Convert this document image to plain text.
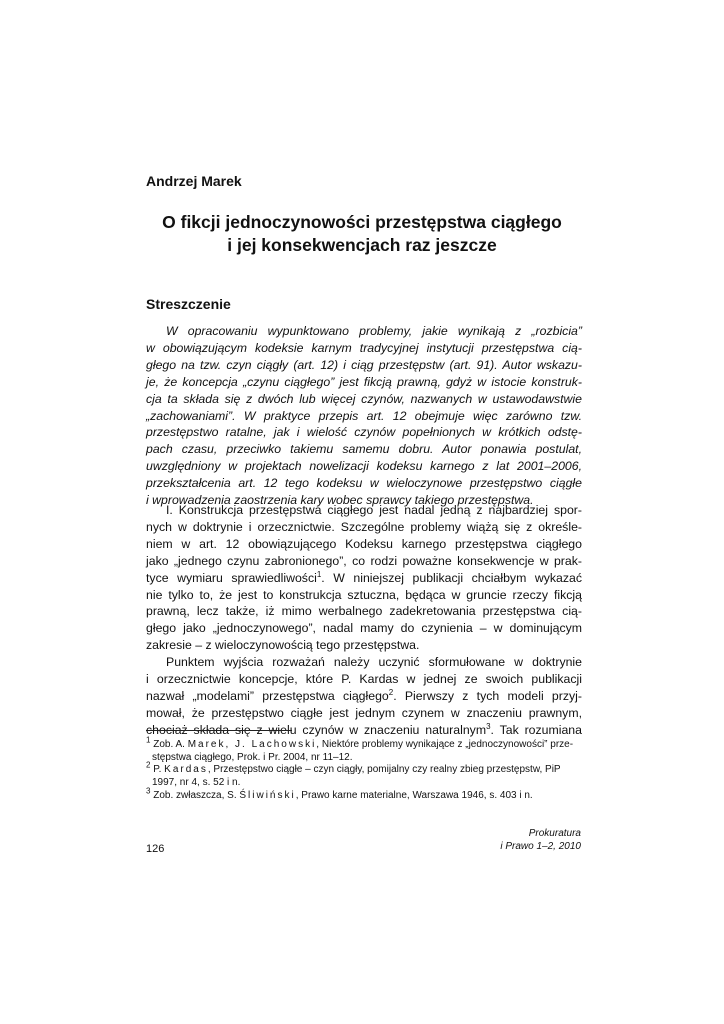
Andrzej Marek
O fikcji jednoczynowości przestępstwa ciągłego
i jej konsekwencjach raz jeszcze
Streszczenie
W opracowaniu wypunktowano problemy, jakie wynikają z „rozbicia”
w obowiązującym kodeksie karnym tradycyjnej instytucji przestępstwa cią-
głego na tzw. czyn ciągły (art. 12) i ciąg przestępstw (art. 91). Autor wskazu-
je, że koncepcja „czynu ciągłego” jest fikcją prawną, gdyż w istocie konstruk-
cja ta składa się z dwóch lub więcej czynów, nazwanych w ustawodawstwie
„zachowaniami”. W praktyce przepis art. 12 obejmuje więc zarówno tzw.
przestępstwo ratalne, jak i wielość czynów popełnionych w krótkich odstę-
pach czasu, przeciwko takiemu samemu dobru. Autor ponawia postulat,
uwzględniony w projektach nowelizacji kodeksu karnego z lat 2001–2006,
przekształcenia art. 12 tego kodeksu w wieloczynowe przestępstwo ciągłe
i wprowadzenia zaostrzenia kary wobec sprawcy takiego przestępstwa.
I. Konstrukcja przestępstwa ciągłego jest nadal jedną z najbardziej spor-
nych w doktrynie i orzecznictwie. Szczególne problemy wiążą się z określe-
niem w art. 12 obowiązującego Kodeksu karnego przestępstwa ciągłego
jako „jednego czynu zabronionego”, co rodzi poważne konsekwencje w prak-
tyce wymiaru sprawiedliwości$^1$. W niniejszej publikacji chciałbym wykazać
nie tylko to, że jest to konstrukcja sztuczna, będąca w gruncie rzeczy fikcją
prawną, lecz także, iż mimo werbalnego zadekretowania przestępstwa cią-
głego jako „jednoczynowego”, nadal mamy do czynienia – w dominującym
zakresie – z wieloczynowością tego przestępstwa.
Punktem wyjścia rozważań należy uczynić sformułowane w doktrynie
i orzecznictwie koncepcje, które P. Kardas w jednej ze swoich publikacji
nazwał „modelami” przestępstwa ciągłego$^2$. Pierwszy z tych modeli przyj-
mował, że przestępstwo ciągłe jest jednym czynem w znaczeniu prawnym,
chociaż składa się z wielu czynów w znaczeniu naturalnym$^3$. Tak rozumiana
$^1$ Zob. A. Marek, J. Lachowski, Niektóre problemy wynikające z „jednoczynowości” prze-
stępstwa ciągłego, Prok. i Pr. 2004, nr 11–12.
$^2$ P. Kardas, Przestępstwo ciągłe – czyn ciągły, pomijalny czy realny zbieg przestępstw, PiP
1997, nr 4, s. 52 i n.
$^3$ Zob. zwłaszcza, S. Śliwiński, Prawo karne materialne, Warszawa 1946, s. 403 i n.
Prokuratura
i Prawo 1–2, 2010
126
